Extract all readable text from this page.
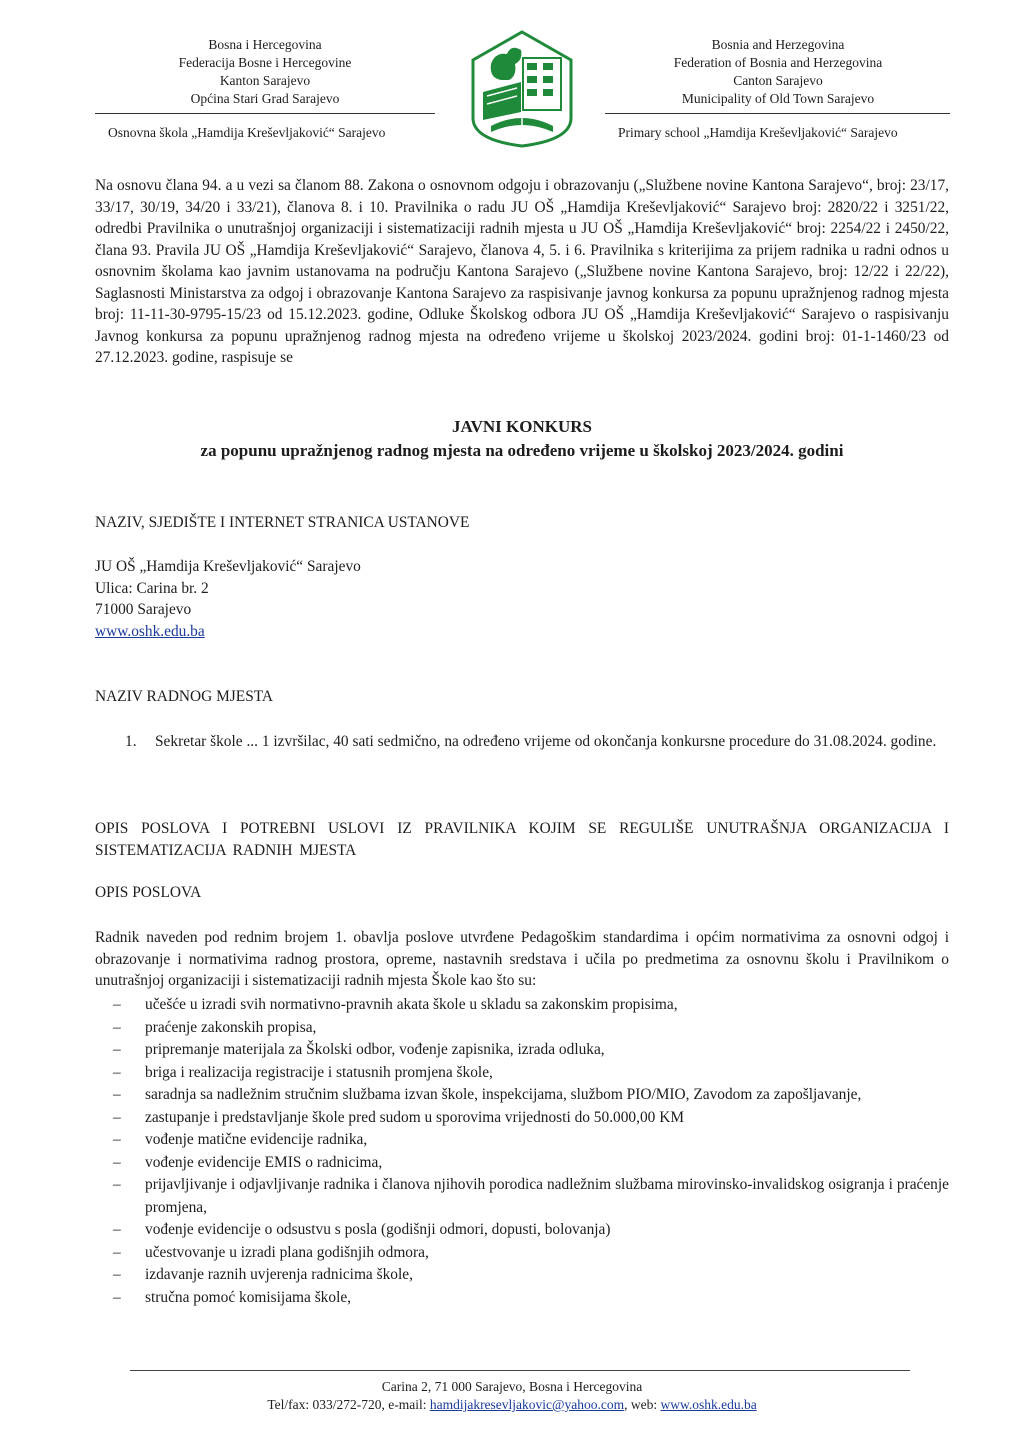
Bosna i Hercegovina
Federacija Bosne i Hercegovine
Kanton Sarajevo
Općina Stari Grad Sarajevo
Bosnia and Herzegovina
Federation of Bosnia and Herzegovina
Canton Sarajevo
Municipality of Old Town Sarajevo
Osnovna škola „Hamdija Kreševljaković“ Sarajevo	Primary school „Hamdija Kreševljaković“ Sarajevo
Na osnovu člana 94. a u vezi sa članom 88. Zakona o osnovnom odgoju i obrazovanju („Službene novine Kantona Sarajevo“, broj: 23/17, 33/17, 30/19, 34/20 i 33/21), članova 8. i 10. Pravilnika o radu JU OŠ „Hamdija Kreševljaković“ Sarajevo broj: 2820/22 i 3251/22, odredbi Pravilnika o unutrašnjoj organizaciji i sistematizaciji radnih mjesta u JU OŠ „Hamdija Kreševljaković“ broj: 2254/22 i 2450/22, člana 93. Pravila JU OŠ „Hamdija Kreševljaković“ Sarajevo, članova 4, 5. i 6. Pravilnika s kriterijima za prijem radnika u radni odnos u osnovnim školama kao javnim ustanovama na području Kantona Sarajevo („Službene novine Kantona Sarajevo, broj: 12/22 i 22/22), Saglasnosti Ministarstva za odgoj i obrazovanje Kantona Sarajevo za raspisivanje javnog konkursa za popunu upražnjenog radnog mjesta broj: 11-11-30-9795-15/23 od 15.12.2023. godine, Odluke Školskog odbora JU OŠ „Hamdija Kreševljaković“ Sarajevo o raspisivanju Javnog konkursa za popunu upražnjenog radnog mjesta na određeno vrijeme u školskoj 2023/2024. godini broj: 01-1-1460/23 od 27.12.2023. godine, raspisuje se
JAVNI KONKURS
za popunu upražnjenog radnog mjesta na određeno vrijeme u školskoj 2023/2024. godini
NAZIV, SJEDIŠTE I INTERNET STRANICA USTANOVE
JU OŠ „Hamdija Kreševljaković“ Sarajevo
Ulica: Carina br. 2
71000 Sarajevo
www.oshk.edu.ba
NAZIV RADNOG MJESTA
1. Sekretar škole ... 1 izvršilac, 40 sati sedmično, na određeno vrijeme od okončanja konkursne procedure do 31.08.2024. godine.
OPIS POSLOVA I POTREBNI USLOVI IZ PRAVILNIKA KOJIM SE REGULIŠE UNUTRAŠNJA ORGANIZACIJA I SISTEMATIZACIJA RADNIH MJESTA
OPIS POSLOVA
Radnik naveden pod rednim brojem 1. obavlja poslove utvrđene Pedagoškim standardima i općim normativima za osnovni odgoj i obrazovanje i normativima radnog prostora, opreme, nastavnih sredstava i učila po predmetima za osnovnu školu i Pravilnikom o unutrašnjoj organizaciji i sistematizaciji radnih mjesta Škole kao što su:
– učešće u izradi svih normativno-pravnih akata škole u skladu sa zakonskim propisima,
– praćenje zakonskih propisa,
– pripremanje materijala za Školski odbor, vođenje zapisnika, izrada odluka,
– briga i realizacija registracije i statusnih promjena škole,
– saradnja sa nadležnim stručnim službama izvan škole, inspekcijama, službom PIO/MIO, Zavodom za zapošljavanje,
– zastupanje i predstavljanje škole pred sudom u sporovima vrijednosti do 50.000,00 KM
– vođenje matične evidencije radnika,
– vođenje evidencije EMIS o radnicima,
– prijavljivanje i odjavljivanje radnika i članova njihovih porodica nadležnim službama mirovinsko-invalidskog osigranja i praćenje promjena,
– vođenje evidencije o odsustvu s posla (godišnji odmori, dopusti, bolovanja)
– učestvovanje u izradi plana godišnjih odmora,
– izdavanje raznih uvjerenja radnicima škole,
– stručna pomoć komisijama škole,
Carina 2, 71 000 Sarajevo, Bosna i Hercegovina
Tel/fax: 033/272-720, e-mail: hamdijakresevljakovic@yahoo.com, web: www.oshk.edu.ba
